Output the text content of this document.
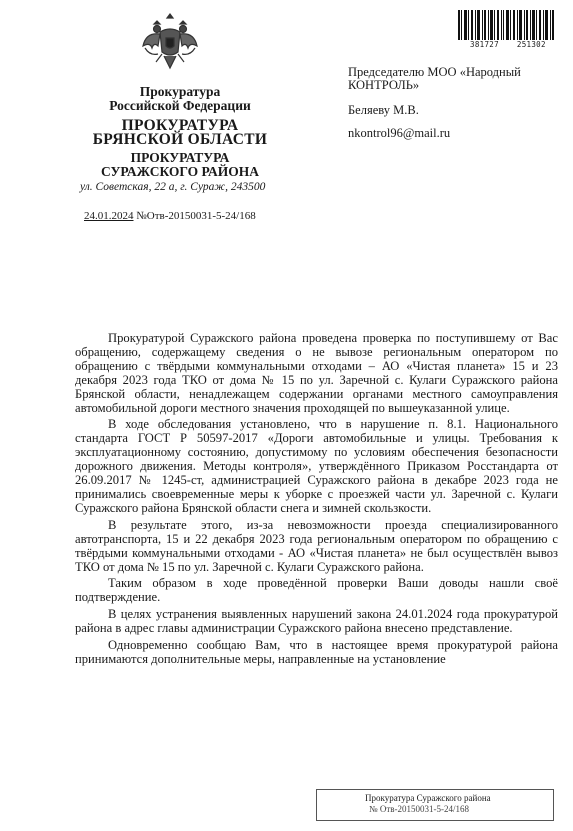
Прокуратура
Российской Федерации
ПРОКУРАТУРА
БРЯНСКОЙ ОБЛАСТИ
ПРОКУРАТУРА
СУРАЖСКОГО РАЙОНА
ул. Советская, 22 а, г. Сураж, 243500
24.01.2024 №Отв-20150031-5-24/168
381727 251302
Председателю МОО «Народный
КОНТРОЛЬ»
Беляеву М.В.
nkontrol96@mail.ru

Прокуратурой Суражского района проведена проверка по поступившему от Вас обращению, содержащему сведения о не вывозе региональным оператором по обращению с твёрдыми коммунальными отходами – АО «Чистая планета» 15 и 23 декабря 2023 года ТКО от дома № 15 по ул. Заречной с. Кулаги Суражского района Брянской области, ненадлежащем содержании органами местного самоуправления автомобильной дороги местного значения проходящей по вышеуказанной улице.

В ходе обследования установлено, что в нарушение п. 8.1. Национального стандарта ГОСТ Р 50597-2017 «Дороги автомобильные и улицы. Требования к эксплуатационному состоянию, допустимому по условиям обеспечения безопасности дорожного движения. Методы контроля», утверждённого Приказом Росстандарта от 26.09.2017 № 1245-ст, администрацией Суражского района в декабре 2023 года не принимались своевременные меры к уборке с проезжей части ул. Заречной с. Кулаги Суражского района Брянской области снега и зимней скользкости.

В результате этого, из-за невозможности проезда специализированного автотранспорта, 15 и 22 декабря 2023 года региональным оператором по обращению с твёрдыми коммунальными отходами - АО «Чистая планета» не был осуществлён вывоз ТКО от дома № 15 по ул. Заречной с. Кулаги Суражского района.

Таким образом в ходе проведённой проверки Ваши доводы нашли своё подтверждение.

В целях устранения выявленных нарушений закона 24.01.2024 года прокуратурой района в адрес главы администрации Суражского района внесено представление.

Одновременно сообщаю Вам, что в настоящее время прокуратурой района принимаются дополнительные меры, направленные на установление

Прокуратура Суражского района
№ Отв-20150031-5-24/168
